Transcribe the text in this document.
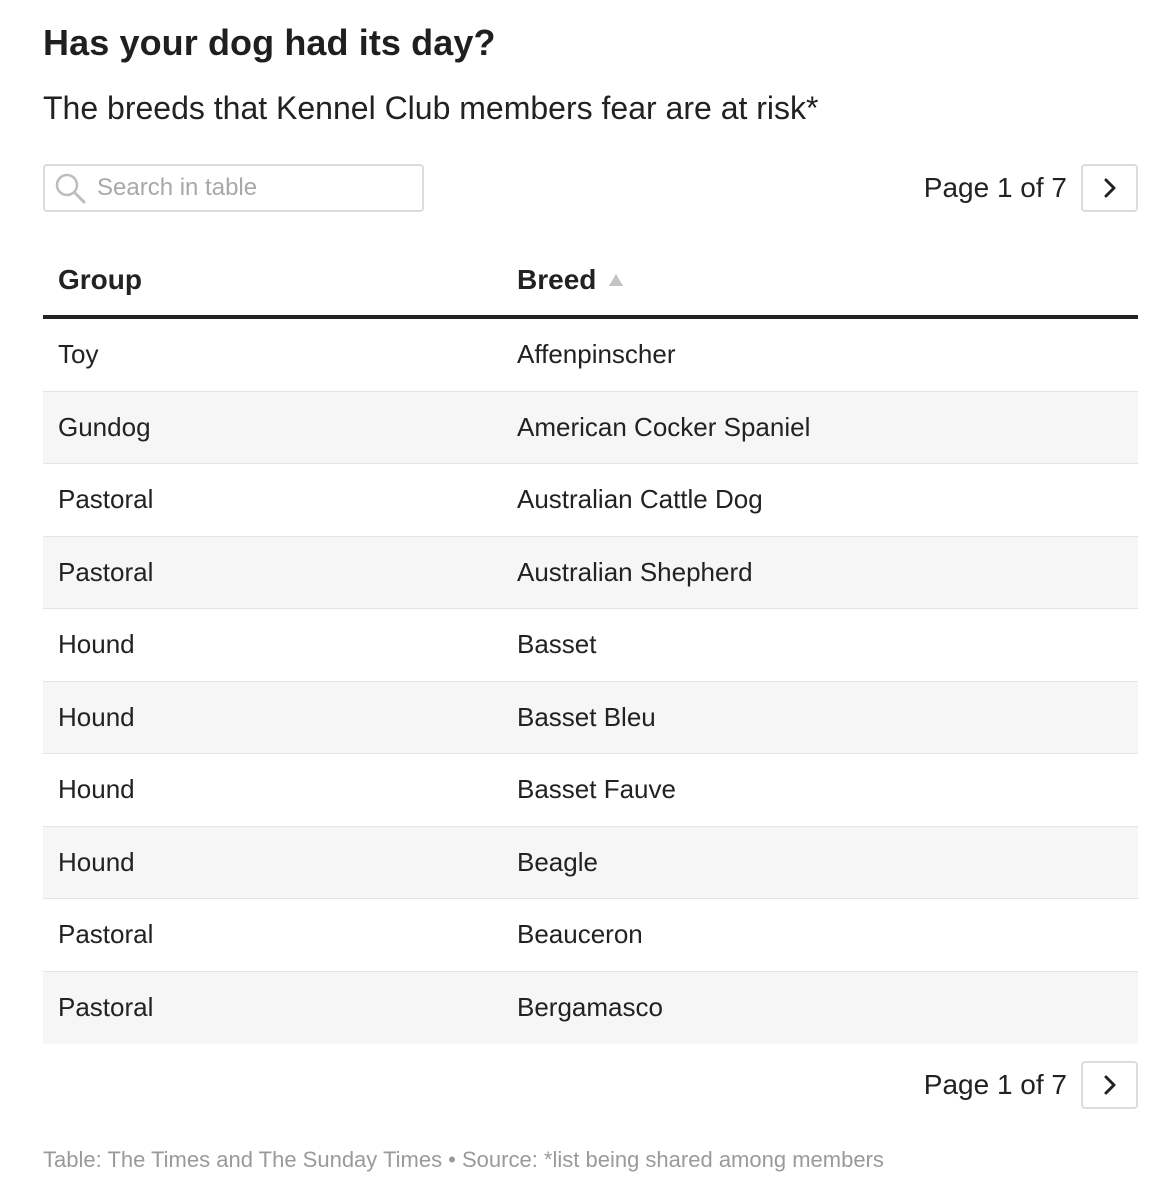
Has your dog had its day?
The breeds that Kennel Club members fear are at risk*
Search in table
Page 1 of 7
Group	Breed
Toy	Affenpinscher
Gundog	American Cocker Spaniel
Pastoral	Australian Cattle Dog
Pastoral	Australian Shepherd
Hound	Basset
Hound	Basset Bleu
Hound	Basset Fauve
Hound	Beagle
Pastoral	Beauceron
Pastoral	Bergamasco
Page 1 of 7
Table: The Times and The Sunday Times • Source: *list being shared among members
